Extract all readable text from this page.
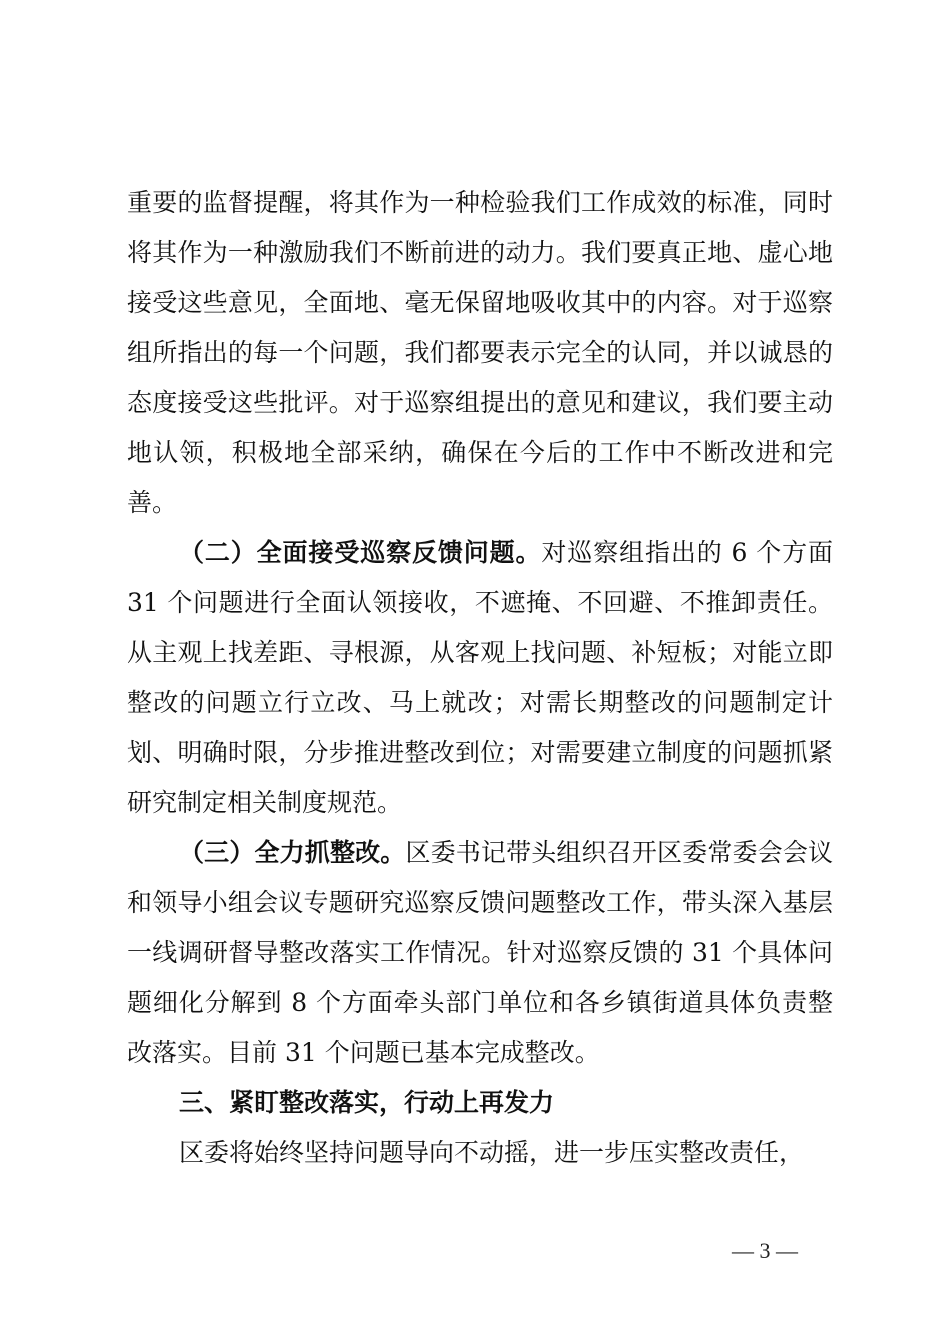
重要的监督提醒，将其作为一种检验我们工作成效的标准，同时将其作为一种激励我们不断前进的动力。我们要真正地、虚心地接受这些意见，全面地、毫无保留地吸收其中的内容。对于巡察组所指出的每一个问题，我们都要表示完全的认同，并以诚恳的态度接受这些批评。对于巡察组提出的意见和建议，我们要主动地认领，积极地全部采纳，确保在今后的工作中不断改进和完善。

（二）全面接受巡察反馈问题。对巡察组指出的 6 个方面 31 个问题进行全面认领接收，不遮掩、不回避、不推卸责任。从主观上找差距、寻根源，从客观上找问题、补短板；对能立即整改的问题立行立改、马上就改；对需长期整改的问题制定计划、明确时限，分步推进整改到位；对需要建立制度的问题抓紧研究制定相关制度规范。

（三）全力抓整改。区委书记带头组织召开区委常委会会议和领导小组会议专题研究巡察反馈问题整改工作，带头深入基层一线调研督导整改落实工作情况。针对巡察反馈的 31 个具体问题细化分解到 8 个方面牵头部门单位和各乡镇街道具体负责整改落实。目前 31 个问题已基本完成整改。

三、紧盯整改落实，行动上再发力

区委将始终坚持问题导向不动摇，进一步压实整改责任，

— 3 —
